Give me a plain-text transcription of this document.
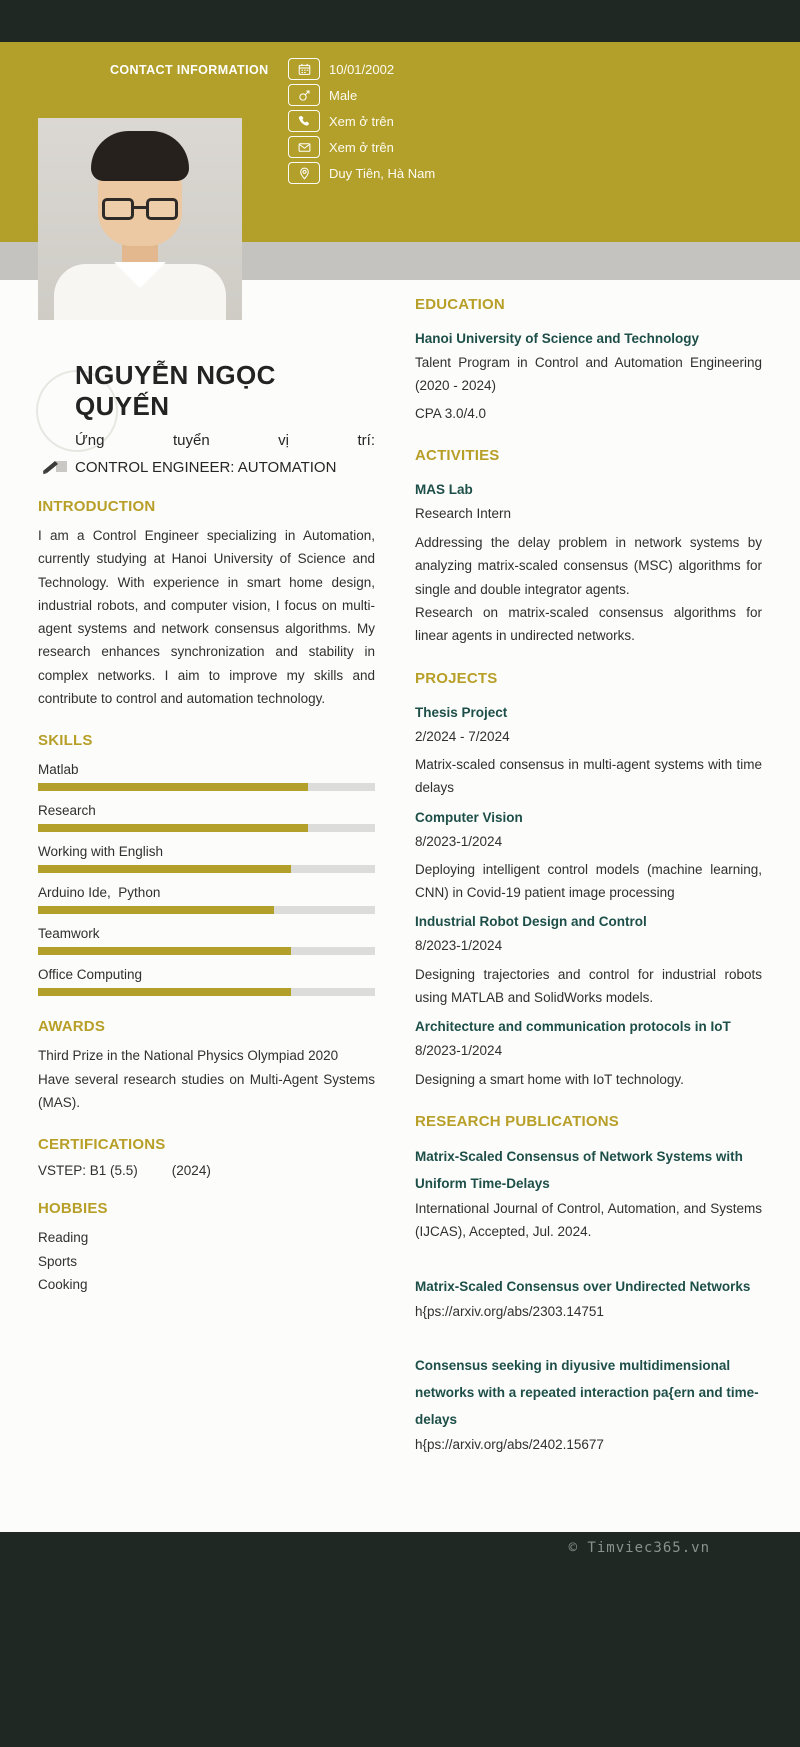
CONTACT INFORMATION	10/01/2002
Male
Xem ở trên
Xem ở trên
Duy Tiên, Hà Nam
NGUYỄN NGỌC QUYẾN
Ứng tuyển vị trí:
CONTROL ENGINEER: AUTOMATION
INTRODUCTION
I am a Control Engineer specializing in Automation, currently studying at Hanoi University of Science and Technology. With experience in smart home design, industrial robots, and computer vision, I focus on multi-agent systems and network consensus algorithms. My research enhances synchronization and stability in complex networks. I aim to improve my skills and contribute to control and automation technology.
SKILLS
Matlab
Research
Working with English
Arduino Ide,  Python
Teamwork
Office Computing
AWARDS
Third Prize in the National Physics Olympiad 2020
Have several research studies on Multi-Agent Systems (MAS).
CERTIFICATIONS
VSTEP: B1 (5.5)	(2024)
HOBBIES
Reading
Sports
Cooking
EDUCATION
Hanoi University of Science and Technology
Talent Program in Control and Automation Engineering (2020 - 2024)
CPA 3.0/4.0
ACTIVITIES
MAS Lab
Research Intern
Addressing the delay problem in network systems by analyzing matrix-scaled consensus (MSC) algorithms for single and double integrator agents.
Research on matrix-scaled consensus algorithms for linear agents in undirected networks.
PROJECTS
Thesis Project
2/2024 - 7/2024
Matrix-scaled consensus in multi-agent systems with time delays
Computer Vision
8/2023-1/2024
Deploying intelligent control models (machine learning, CNN) in Covid-19 patient image processing
Industrial Robot Design and Control
8/2023-1/2024
Designing trajectories and control for industrial robots using MATLAB and SolidWorks models.
Architecture and communication protocols in IoT
8/2023-1/2024
Designing a smart home with IoT technology.
RESEARCH PUBLICATIONS
Matrix-Scaled Consensus of Network Systems with Uniform Time-Delays
International Journal of Control, Automation, and Systems (IJCAS), Accepted, Jul. 2024.
Matrix-Scaled Consensus over Undirected Networks
h{ps://arxiv.org/abs/2303.14751
Consensus seeking in diyusive multidimensional networks with a repeated interaction pa{ern and time-delays
h{ps://arxiv.org/abs/2402.15677
© Timviec365.vn
